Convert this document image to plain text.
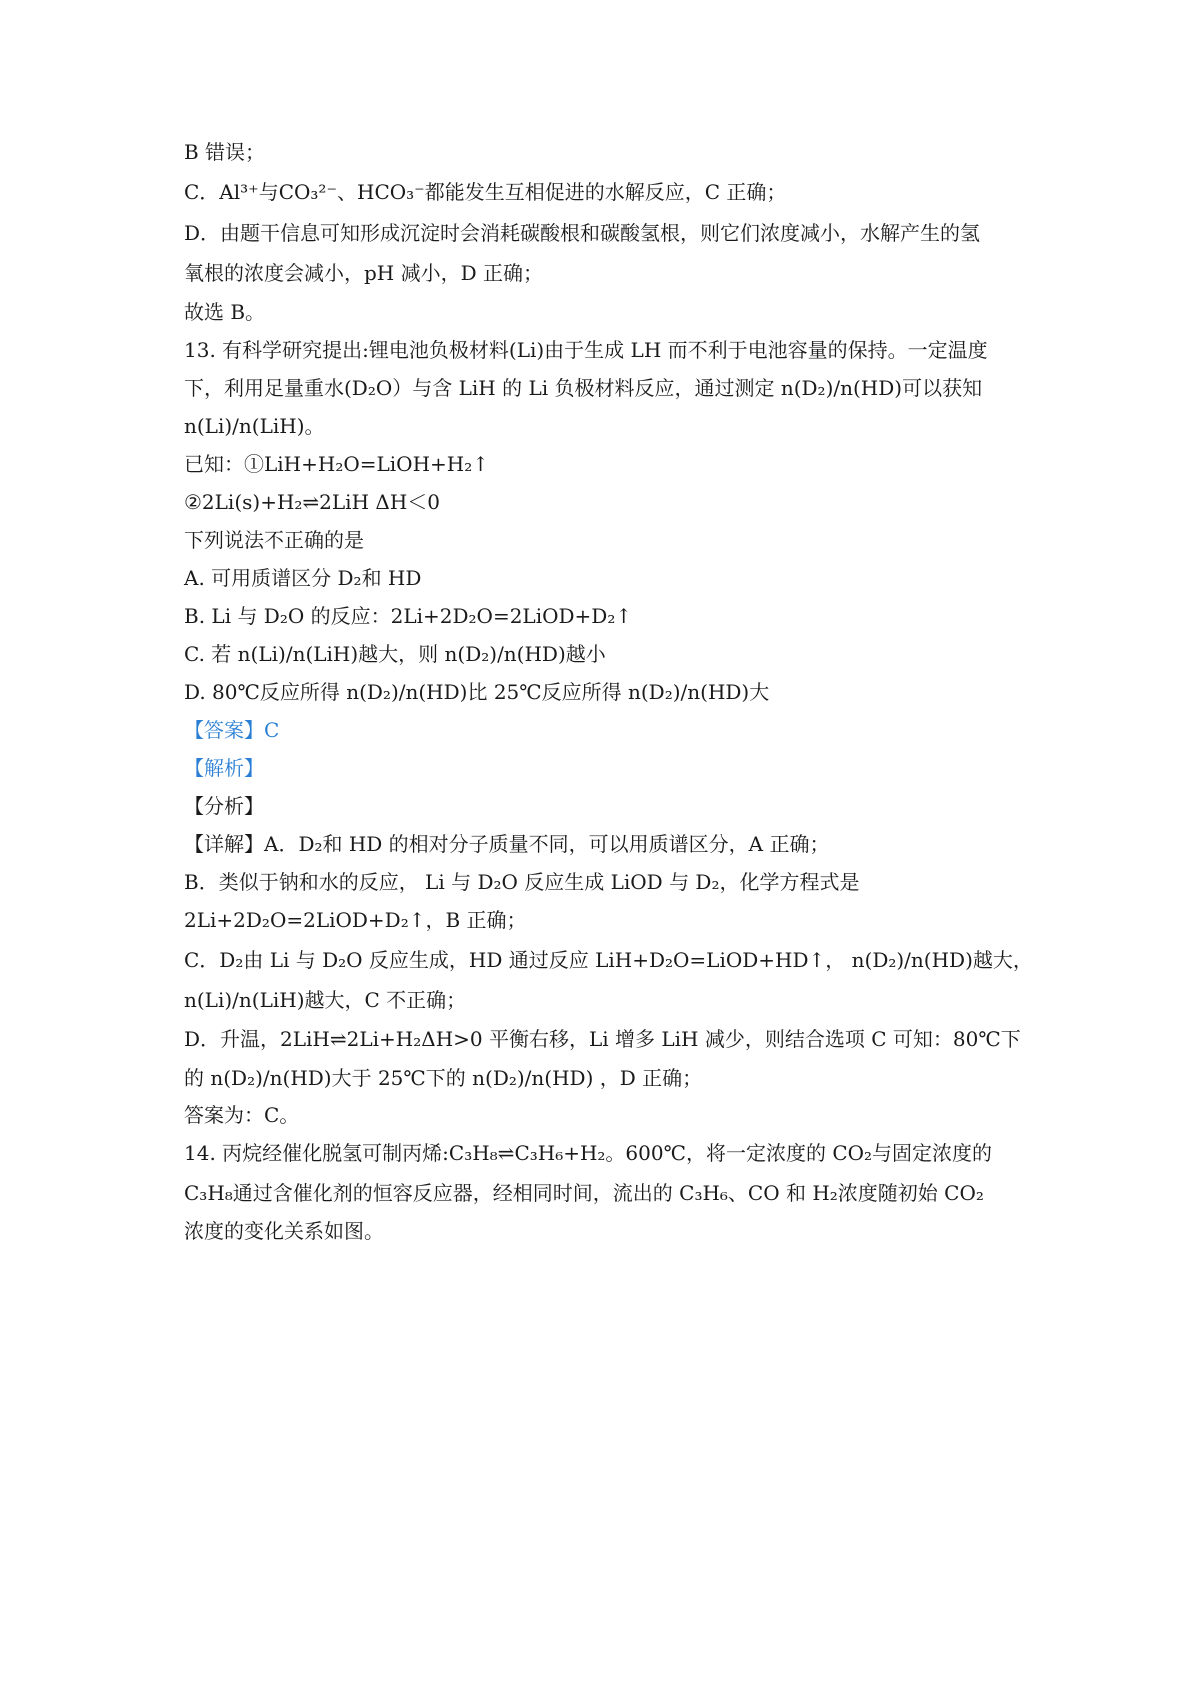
B 错误；
C．Al³⁺与CO₃²⁻、HCO₃⁻都能发生互相促进的水解反应，C 正确；
D．由题干信息可知形成沉淀时会消耗碳酸根和碳酸氢根，则它们浓度减小，水解产生的氢
氧根的浓度会减小，pH 减小，D 正确；
故选 B。
13. 有科学研究提出:锂电池负极材料(Li)由于生成 LH 而不利于电池容量的保持。一定温度
下，利用足量重水(D₂O）与含 LiH 的 Li 负极材料反应，通过测定 n(D₂)/n(HD)可以获知
n(Li)/n(LiH)。
已知：①LiH+H₂O=LiOH+H₂↑
②2Li(s)+H₂⇌2LiH ΔH＜0
下列说法不正确的是
A. 可用质谱区分 D₂和 HD
B. Li 与 D₂O 的反应：2Li+2D₂O=2LiOD+D₂↑
C. 若 n(Li)/n(LiH)越大，则 n(D₂)/n(HD)越小
D. 80℃反应所得 n(D₂)/n(HD)比 25℃反应所得 n(D₂)/n(HD)大
【答案】C
【解析】
【分析】
【详解】A．D₂和 HD 的相对分子质量不同，可以用质谱区分，A 正确；
B．类似于钠和水的反应， Li 与 D₂O 反应生成 LiOD 与 D₂，化学方程式是
2Li+2D₂O=2LiOD+D₂↑，B 正确；
C．D₂由 Li 与 D₂O 反应生成，HD 通过反应 LiH+D₂O=LiOD+HD↑， n(D₂)/n(HD)越大，
n(Li)/n(LiH)越大，C 不正确；
D．升温，2LiH⇌2Li+H₂ΔH>0 平衡右移，Li 增多 LiH 减少，则结合选项 C 可知：80℃下
的 n(D₂)/n(HD)大于 25℃下的 n(D₂)/n(HD) ，D 正确；
答案为：C。
14. 丙烷经催化脱氢可制丙烯:C₃H₈⇌C₃H₆+H₂。600℃，将一定浓度的 CO₂与固定浓度的
C₃H₈通过含催化剂的恒容反应器，经相同时间，流出的 C₃H₆、CO 和 H₂浓度随初始 CO₂
浓度的变化关系如图。
